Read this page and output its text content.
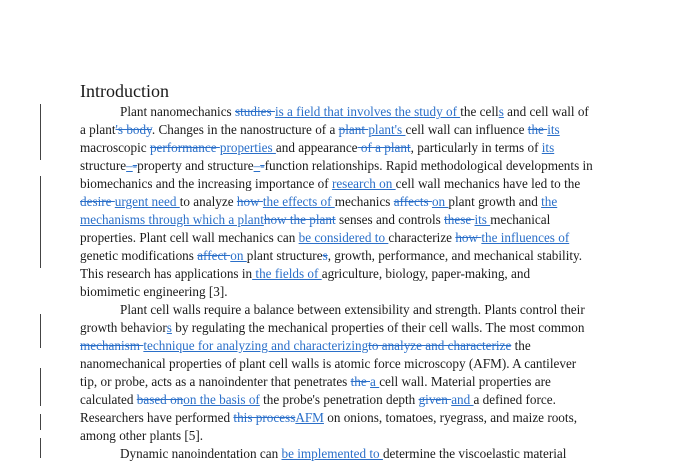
Introduction
Plant nanomechanics studies is a field that involves the study of the cells and cell wall of
a plant's body. Changes in the nanostructure of a plant plant's cell wall can influence the its
macroscopic performance properties and appearance of a plant, particularly in terms of its
structure–-property and structure–-function relationships. Rapid methodological developments in
biomechanics and the increasing importance of research on cell wall mechanics have led to the
desire urgent need to analyze how the effects of mechanics affects on plant growth and the
mechanisms through which a planthow the plant senses and controls these its mechanical
properties. Plant cell wall mechanics can be considered to characterize how the influences of
genetic modifications affect on plant structures, growth, performance, and mechanical stability.
This research has applications in the fields of agriculture, biology, paper-making, and
biomimetic engineering [3].
Plant cell walls require a balance between extensibility and strength. Plants control their
growth behaviors by regulating the mechanical properties of their cell walls. The most common
mechanism technique for analyzing and characterizingto analyze and characterize the
nanomechanical properties of plant cell walls is atomic force microscopy (AFM). A cantilever
tip, or probe, acts as a nanoindenter that penetrates the a cell wall. Material properties are
calculated based onon the basis of the probe's penetration depth given and a defined force.
Researchers have performed this processAFM on onions, tomatoes, ryegrass, and maize roots,
among other plants [5].
Dynamic nanoindentation can be implemented to determine the viscoelastic material
